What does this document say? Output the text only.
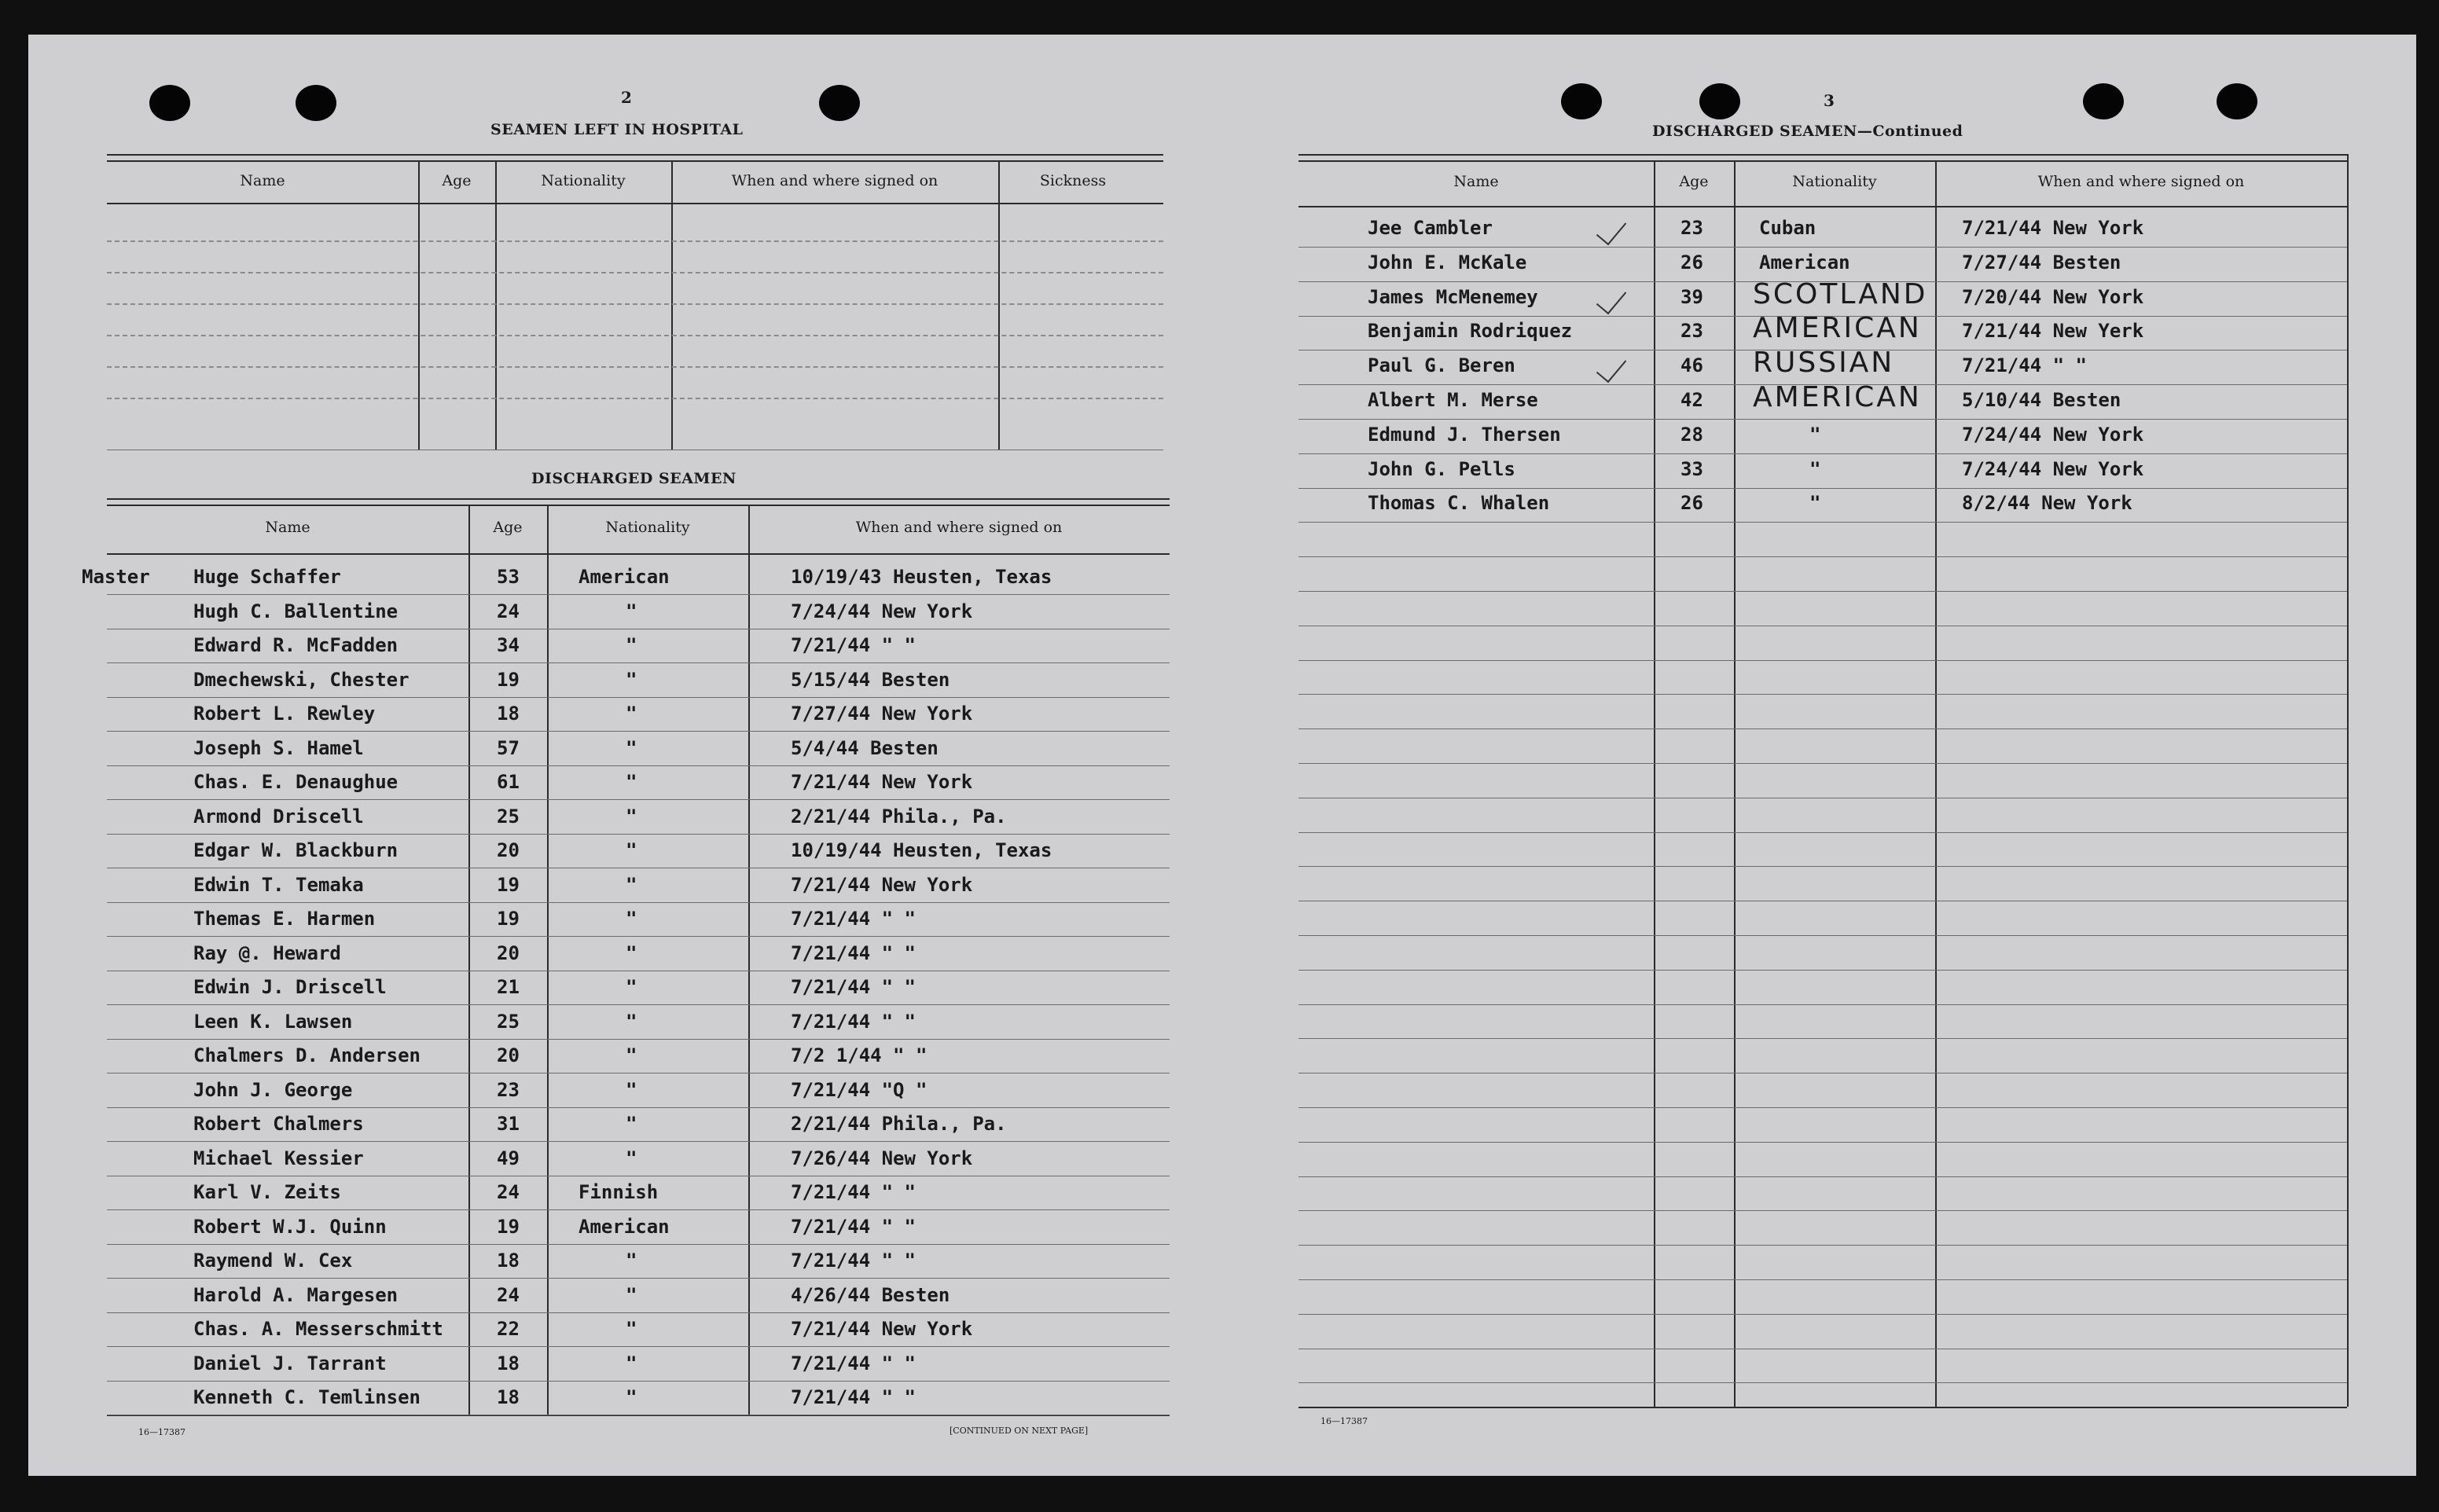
2
SEAMEN LEFT IN HOSPITAL
Name	Age	Nationality	When and where signed on	Sickness
DISCHARGED SEAMEN
Name	Age	Nationality	When and where signed on
Master Huge Schaffer	53	American	10/19/43 Heusten, Texas
Hugh C. Ballentine	24	"	7/24/44 New York
Edward R. McFadden	34	"	7/21/44 " "
Dmechewski, Chester	19	"	5/15/44 Besten
Robert L. Rewley	18	"	7/27/44 New York
Joseph S. Hamel	57	"	5/4/44 Besten
Chas. E. Denaughue	61	"	7/21/44 New York
Armond Driscell	25	"	2/21/44 Phila., Pa.
Edgar W. Blackburn	20	"	10/19/44 Heusten, Texas
Edwin T. Temaka	19	"	7/21/44 New York
Themas E. Harmen	19	"	7/21/44 " "
Ray @. Heward	20	"	7/21/44 " "
Edwin J. Driscell	21	"	7/21/44 " "
Leen K. Lawsen	25	"	7/21/44 " "
Chalmers D. Andersen	20	"	7/2 1/44 " "
John J. George	23	"	7/21/44 "Q "
Robert Chalmers	31	"	2/21/44 Phila., Pa.
Michael Kessier	49	"	7/26/44 New York
Karl V. Zeits	24	Finnish	7/21/44 " "
Robert W.J. Quinn	19	American	7/21/44 " "
Raymend W. Cex	18	"	7/21/44 " "
Harold A. Margesen	24	"	4/26/44 Besten
Chas. A. Messerschmitt	22	"	7/21/44 New York
Daniel J. Tarrant	18	"	7/21/44 " "
Kenneth C. Temlinsen	18	"	7/21/44 " "
16—17387	[CONTINUED ON NEXT PAGE]
3
DISCHARGED SEAMEN—Continued
Name	Age	Nationality	When and where signed on
Jee Cambler	23	Cuban	7/21/44 New York
John E. McKale	26	American	7/27/44 Besten
James McMenemey	39 SCOTLAND 7/20/44 New York
Benjamin Rodriquez	23 AMERICAN 7/21/44 New Yerk
Paul G. Beren	46 RUSSIAN	7/21/44 " "
Albert M. Merse	42 AMERICAN 5/10/44 Besten
Edmund J. Thersen	28	"	7/24/44 New York
John G. Pells	33	"	7/24/44 New York
Thomas C. Whalen	26	"	8/2/44 New York
16—17387
